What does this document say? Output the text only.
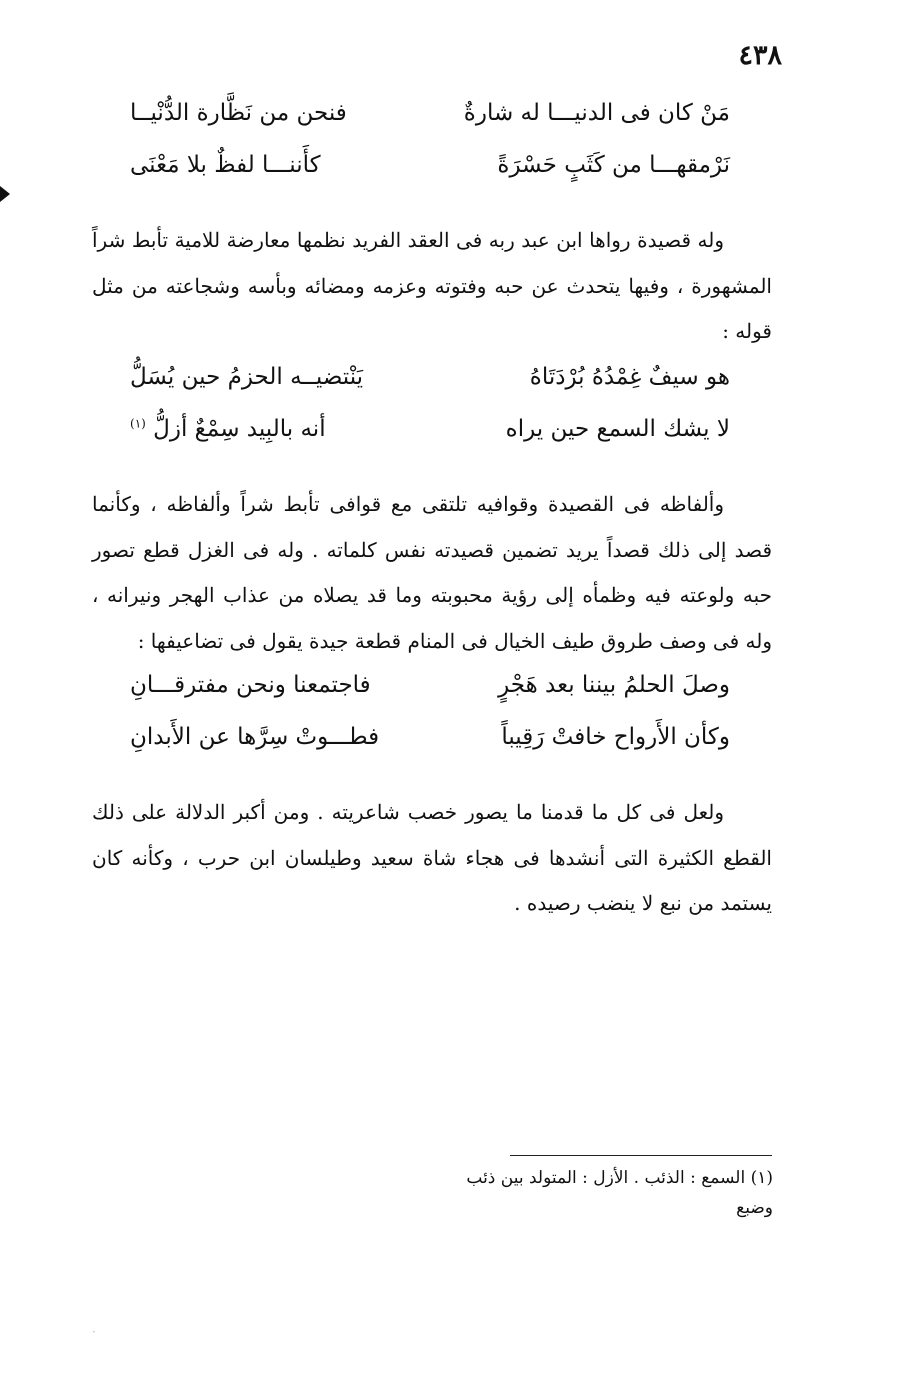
٤٣٨
مَنْ كان فى الدنيـــا له شارةٌ
فنحن من نَظَّارة الدُّنْيــا
نَرْمقهـــا من كَثَبٍ حَسْرَةً
كأَننـــا لفظٌ بلا مَعْنَى
وله قصيدة رواها ابن عبد ربه فى العقد الفريد نظمها معارضة للامية تأبط شراً المشهورة ، وفيها يتحدث عن حبه وفتوته وعزمه ومضائه وبأسه وشجاعته من مثل قوله :
هو سيفٌ غِمْدُهُ بُرْدَتَاهُ
يَنْتضيــه الحزمُ حين يُسَلُّ
لا يشك السمع حين يراه
أنه بالبِيد سِمْعٌ أزلُّ $^{(١)}$
وألفاظه فى القصيدة وقوافيه تلتقى مع قوافى تأبط شراً وألفاظه ، وكأنما قصد إلى ذلك قصداً يريد تضمين قصيدته نفس كلماته . وله فى الغزل قطع تصور حبه ولوعته فيه وظمأه إلى رؤية محبوبته وما قد يصلاه من عذاب الهجر ونيرانه ، وله فى وصف طروق طيف الخيال فى المنام قطعة جيدة يقول فى تضاعيفها :
وصلَ الحلمُ بيننا بعد هَجْرٍ
فاجتمعنا ونحن مفترقـــانِ
وكأن الأَرواح خافتْ رَقِيباً
فطـــوتْ سِرَّها عن الأَبدانِ
ولعل فى كل ما قدمنا ما يصور خصب شاعريته . ومن أكبر الدلالة على ذلك القطع الكثيرة التى أنشدها فى هجاء شاة سعيد وطيلسان ابن حرب ، وكأنه كان يستمد من نبع لا ينضب رصيده .
(١) السمع : الذئب . الأزل : المتولد بين ذئب وضبع
·
